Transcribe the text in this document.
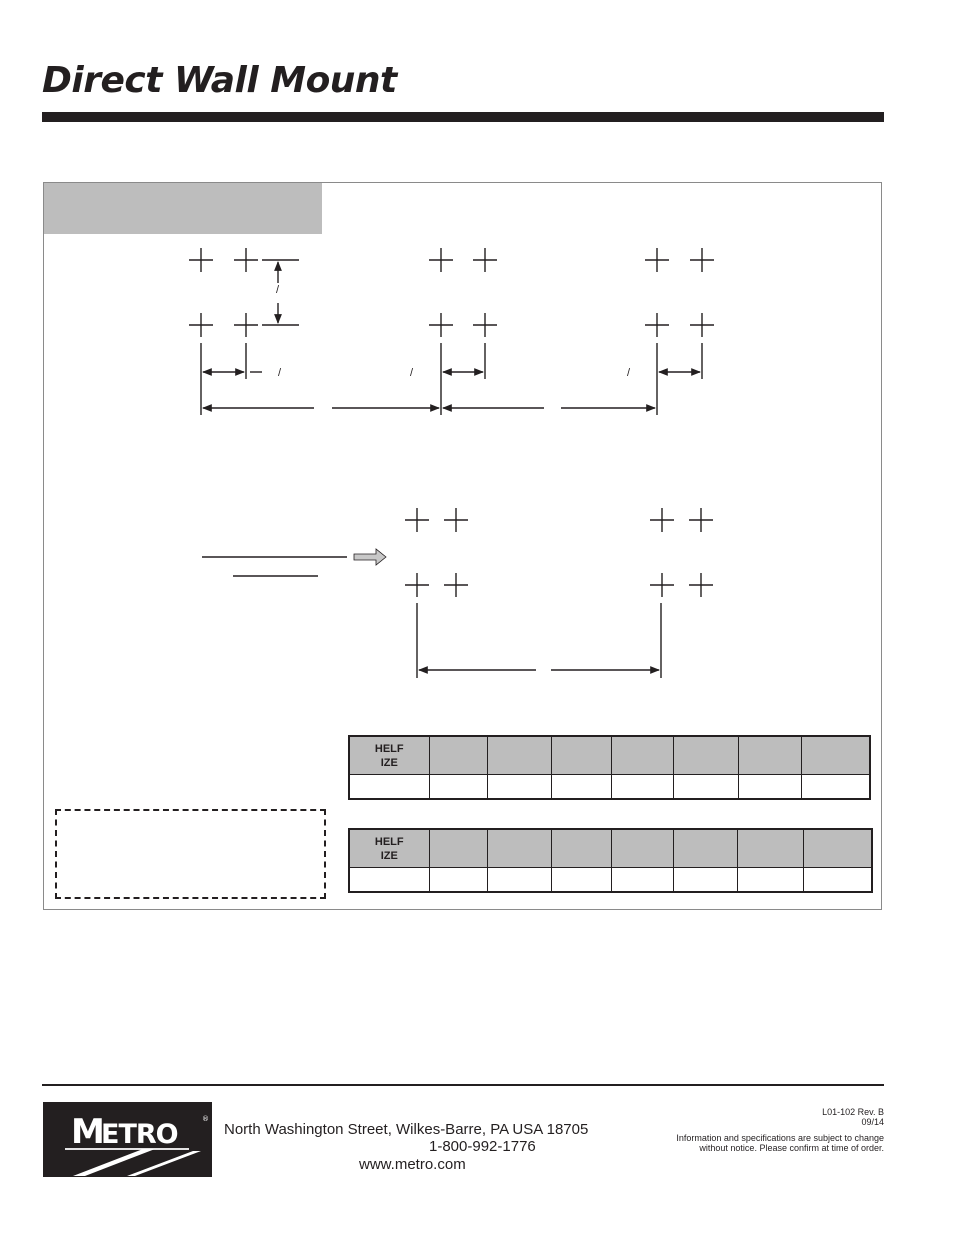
Direct Wall Mount
/
/	/	/
HELF
IZE							

HELF
IZE							

M
ETRO	®
North Washington Street, Wilkes-Barre, PA USA 18705
1-800-992-1776
www.metro.com
L01-102 Rev. B
09/14
Information and specifications are subject to change
without notice. Please confirm at time of order.
